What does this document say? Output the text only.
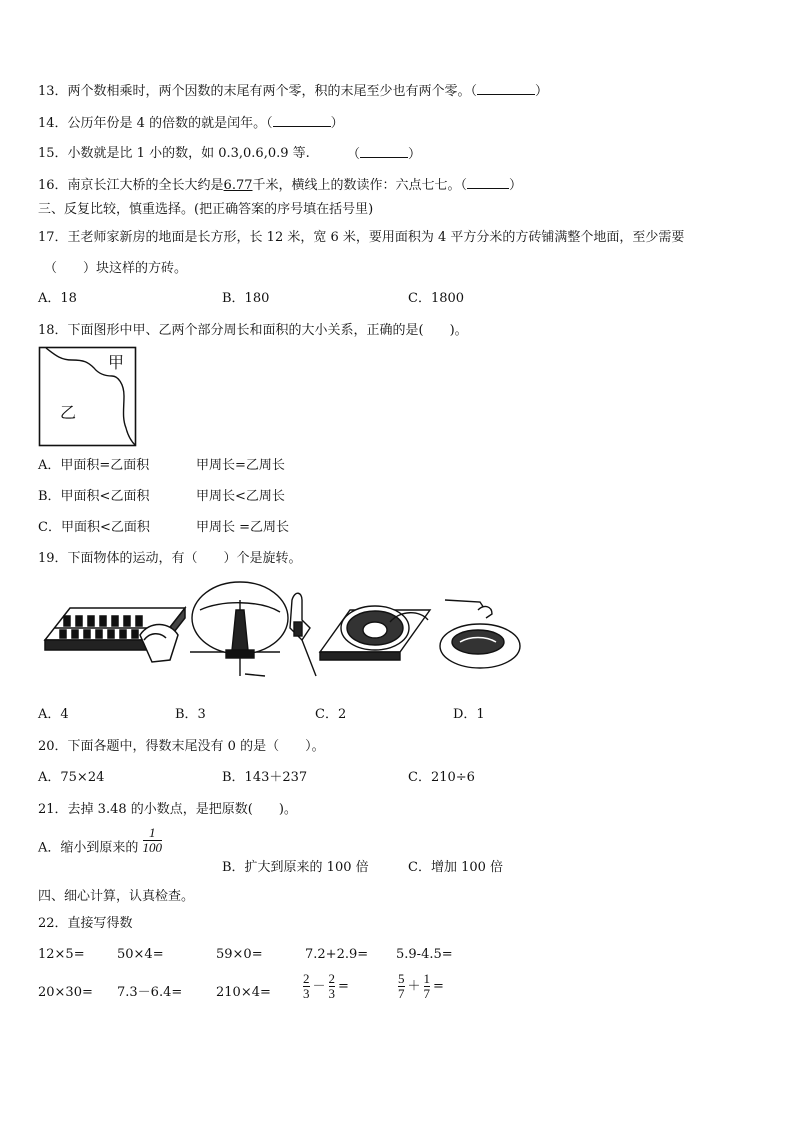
13．两个数相乘时，两个因数的末尾有两个零，积的末尾至少也有两个零。（	）
14．公历年份是 4 的倍数的就是闰年。（	）
15．小数就是比 1 小的数，如 0.3,0.6,0.9 等.	（	）
16．南京长江大桥的全长大约是6.77千米，横线上的数读作：六点七七。（	）
三、反复比较，慎重选择。(把正确答案的序号填在括号里)
17．王老师家新房的地面是长方形，长 12 米，宽 6 米，要用面积为 4 平方分米的方砖铺满整个地面，至少需要
（　　）块这样的方砖。
A．18	B．180	C．1800
18．下面图形中甲、乙两个部分周长和面积的大小关系，正确的是(　　)。
甲
乙
A．甲面积=乙面积	甲周长=乙周长
B．甲面积<乙面积	甲周长<乙周长
C．甲面积<乙面积	甲周长 =乙周长
19．下面物体的运动，有（　　）个是旋转。
A．4	B．3	C．2	D．1
20．下面各题中，得数末尾没有 0 的是（　　）。
A．75×24	B．143＋237	C．210÷6
21．去掉 3.48 的小数点，是把原数(　　)。
A．缩小到原来的 $\frac{1}{100}$
B．扩大到原来的 100 倍	C．增加 100 倍
四、细心计算，认真检查。
22．直接写得数
12×5= 50×4=	59×0=	7.2+2.9= 5.9-4.5=
20×30= 7.3－6.4=	$210\times 4= \frac{2}{3} - \frac{2}{3}$ =	$\frac{5}{7} + \frac{1}{7}$ =
